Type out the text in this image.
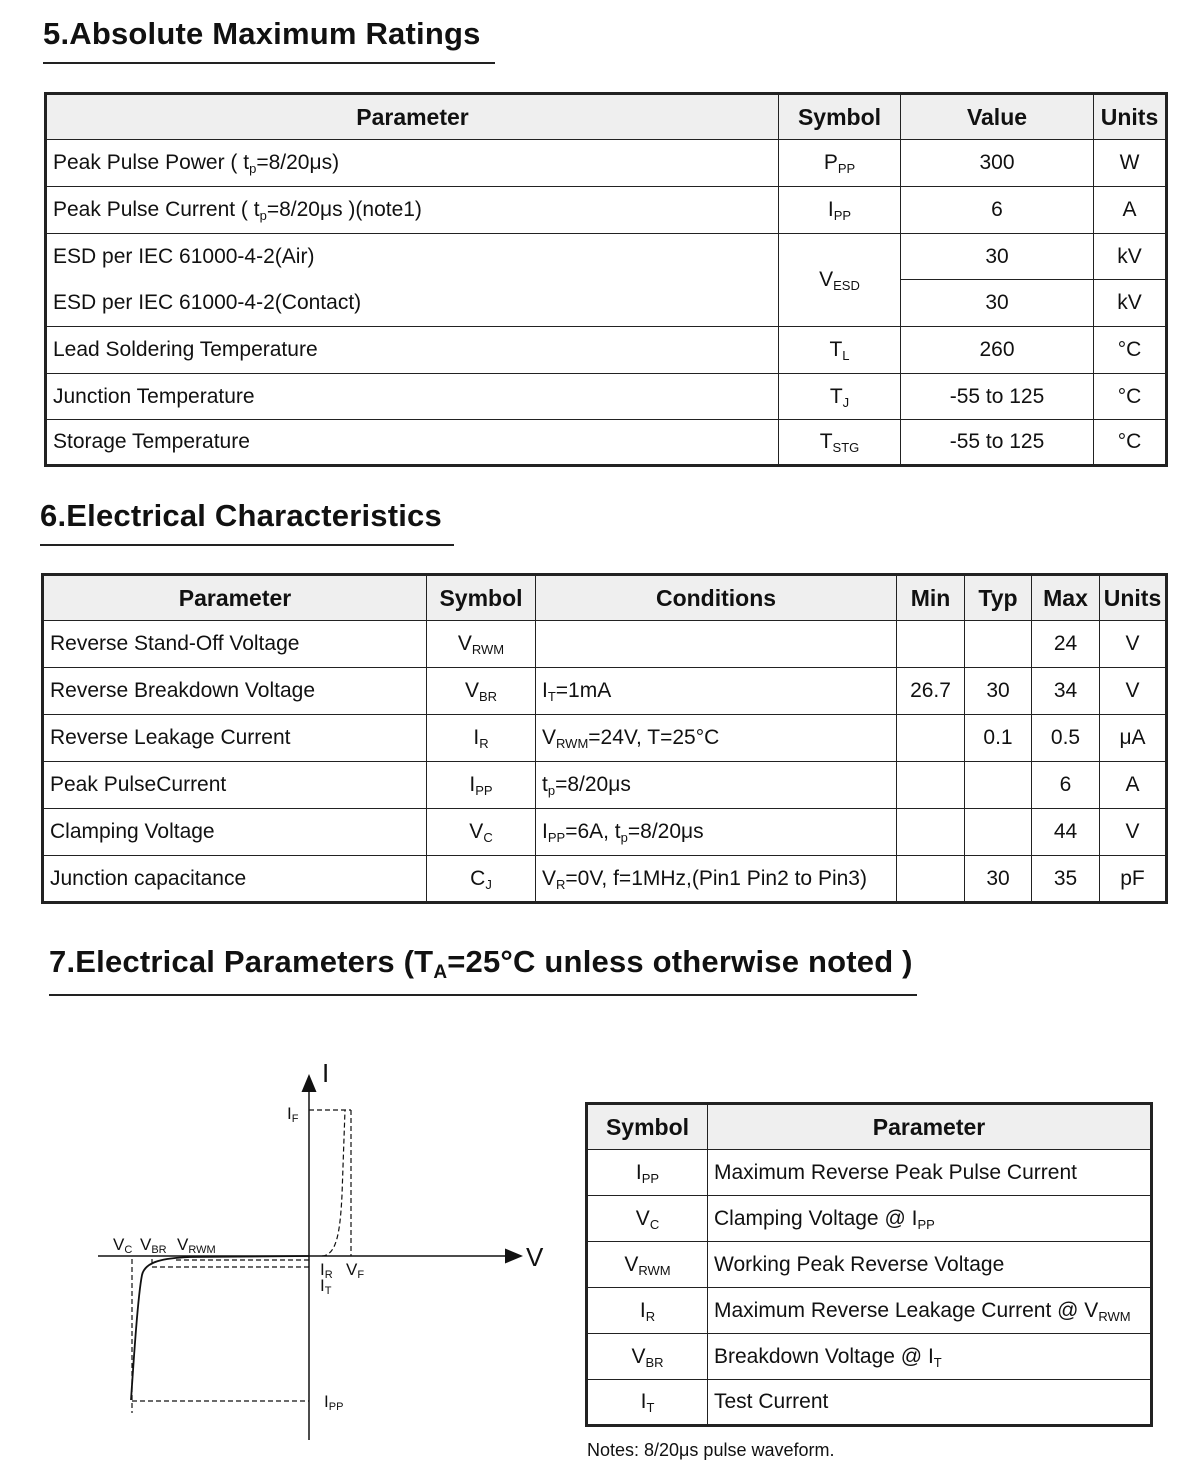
5.Absolute Maximum Ratings
Parameter	Symbol	Value	Units
Peak Pulse Power ( $t_p=8/20\mu s$)	$P_{PP}$	300	W
Peak Pulse Current ( $t_p=8/20\mu s$ )(note1)	$I_{PP}$	6	A
ESD per IEC 61000-4-2(Air)	$V_{ESD}$	30	kV
ESD per IEC 61000-4-2(Contact)		30	kV
Lead Soldering Temperature	$T_L$	260	°C
Junction Temperature	$T_J$	-55 to 125	°C
Storage Temperature	$T_{STG}$	-55 to 125	°C
6.Electrical Characteristics
Parameter	Symbol	Conditions	Min	Typ	Max	Units
Reverse Stand-Off Voltage	$V_{RWM}$				24	V
Reverse Breakdown Voltage	$V_{BR}$	$I_T=1mA$	26.7	30	34	V
Reverse Leakage Current	$I_R$	$V_{RWM}=24V$, T=25°C		0.1	0.5	μA
Peak PulseCurrent	$I_{PP}$	$t_p=8/20\mu s$			6	A
Clamping Voltage	$V_C$	$I_{PP}=6A$, $t_p=8/20\mu s$			44	V
Junction capacitance	$C_J$	$V_R=0V$, f=1MHz,(Pin1 Pin2 to Pin3)		30	35	pF
7.Electrical Parameters (TA=25°C unless otherwise noted )
I
V
IF
VC VBR VRWM
IR VF
IT
IPP
Symbol	Parameter
$I_{PP}$	Maximum Reverse Peak Pulse Current
$V_C$	Clamping Voltage @ $I_{PP}$
$V_{RWM}$	Working Peak Reverse Voltage
$I_R$	Maximum Reverse Leakage Current @ $V_{RWM}$
$V_{BR}$	Breakdown Voltage @ $I_T$
$I_T$	Test Current
Notes: 8/20μs pulse waveform.
